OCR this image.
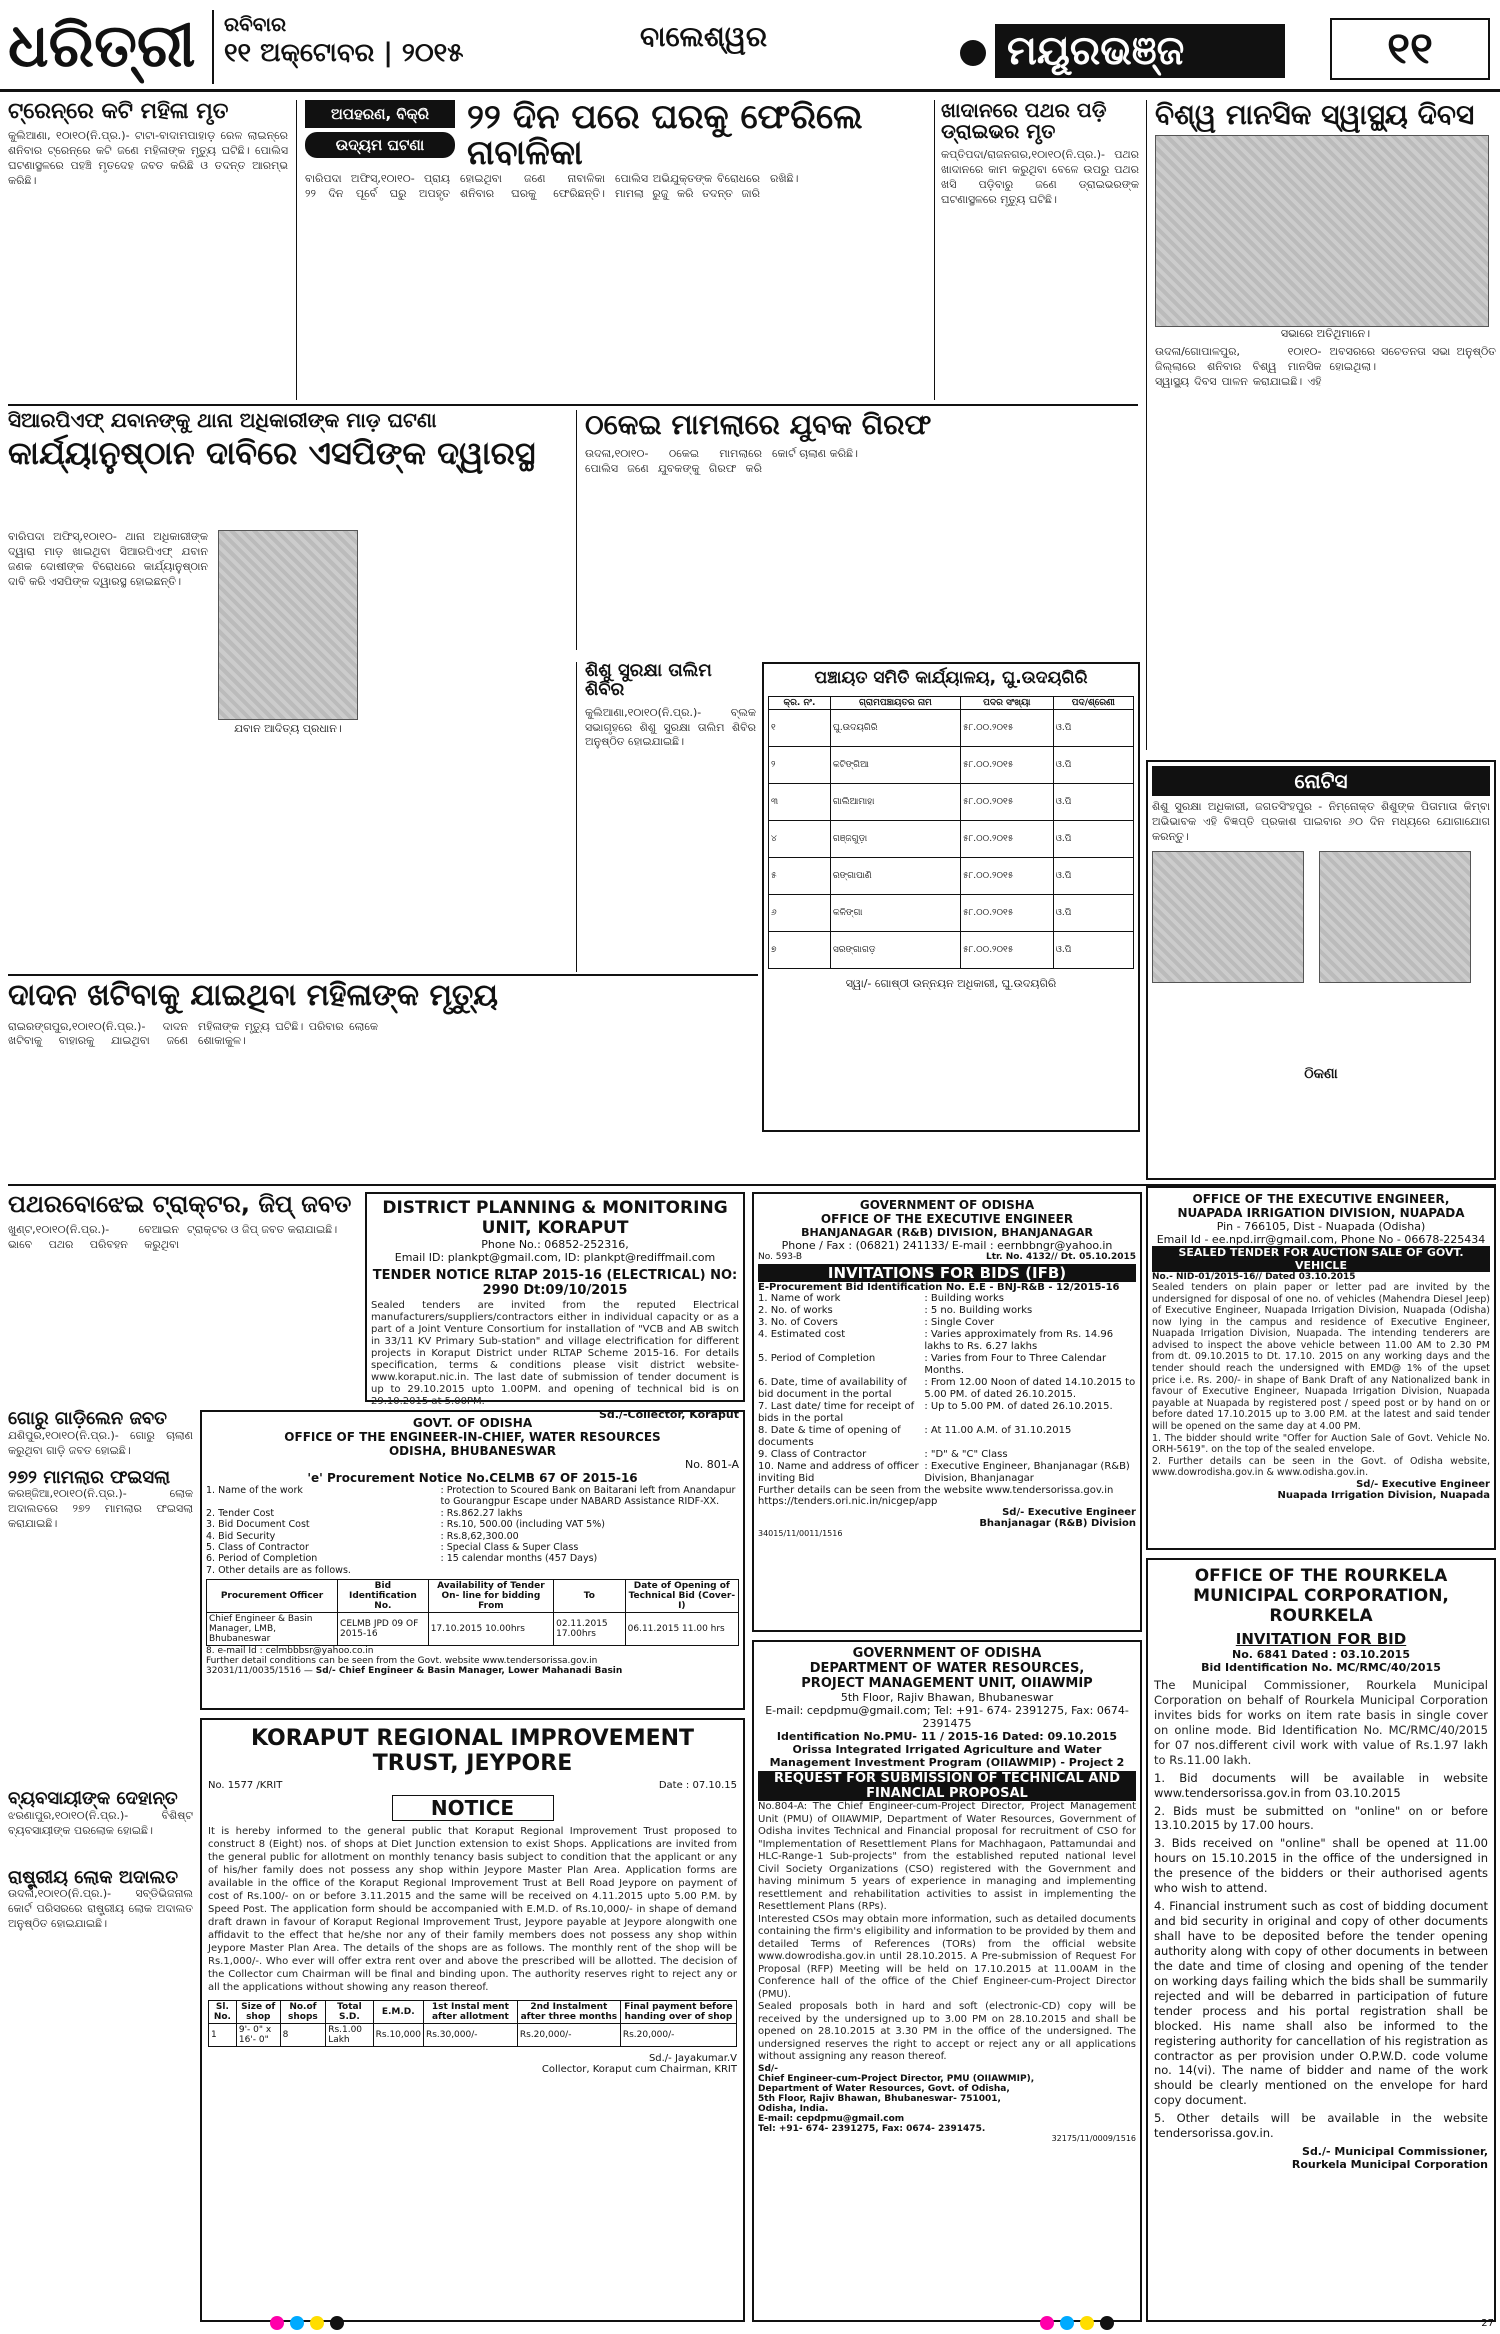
ଧରିତ୍ରୀ	ରବିବାର
୧୧ ଅକ୍ଟୋବର | ୨୦୧୫	ବାଲେଶ୍ୱର	ମୟୂରଭଞ୍ଜ	୧୧
ଟ୍ରେନ୍‌ରେ କଟି ମହିଳା ମୃତ
କୁଲିଆଣା, ୧୦ା୧୦(ନି.ପ୍ର.)- ଟାଟା-ବାଦାମପାହାଡ଼ ରେଳ ଲାଇନ୍‌ରେ ଶନିବାର ଟ୍ରେନ୍‌ରେ କଟି ଜଣେ ମହିଳାଙ୍କ ମୃତ୍ୟୁ ଘଟିଛି। ପୋଲିସ ଘଟଣାସ୍ଥଳରେ ପହଞ୍ଚି ମୃତଦେହ ଜବତ କରିଛି ଓ ତଦନ୍ତ ଆରମ୍ଭ କରିଛି।
ଅପହରଣ, ବିକ୍ରି
ଉଦ୍ୟମ ଘଟଣା
୨୨ ଦିନ ପରେ ଘରକୁ ଫେରିଲେ ନାବାଳିକା
ବାରିପଦା ଅଫିସ୍‌,୧୦ା୧୦- ପ୍ରାୟ ୨୨ ଦିନ ପୂର୍ବେ ଘରୁ ଅପହୃତ ହୋଇଥିବା ଜଣେ ନାବାଳିକା ଶନିବାର ଘରକୁ ଫେରିଛନ୍ତି। ପୋଲିସ ଅଭିଯୁକ୍ତଙ୍କ ବିରୋଧରେ ମାମଲା ରୁଜୁ କରି ତଦନ୍ତ ଜାରି ରଖିଛି।
ଖାଦାନରେ ପଥର ପଡ଼ି ଡ୍ରାଇଭର ମୃତ
କପ୍ତିପଦା/ରାଜନଗର,୧୦ା୧୦(ନି.ପ୍ର.)- ପଥର ଖାଦାନରେ କାମ କରୁଥିବା ବେଳେ ଉପରୁ ପଥର ଖସି ପଡ଼ିବାରୁ ଜଣେ ଡ୍ରାଇଭରଙ୍କ ଘଟଣାସ୍ଥଳରେ ମୃତ୍ୟୁ ଘଟିଛି।
ବିଶ୍ୱ ମାନସିକ ସ୍ୱାସ୍ଥ୍ୟ ଦିବସ
ସଭାରେ ଅତିଥିମାନେ।
ଉଦଳା/ଗୋପାଳପୁର, ୧୦ା୧୦- ଜିଲ୍ଲାରେ ଶନିବାର ବିଶ୍ୱ ମାନସିକ ସ୍ୱାସ୍ଥ୍ୟ ଦିବସ ପାଳନ କରାଯାଇଛି। ଏହି ଅବସରରେ ସଚେତନତା ସଭା ଅନୁଷ୍ଠିତ ହୋଇଥିଲା।
ସିଆରପିଏଫ୍ ଯବାନଙ୍କୁ ଥାନା ଅଧିକାରୀଙ୍କ ମାଡ଼ ଘଟଣା
କାର୍ଯ୍ୟାନୁଷ୍ଠାନ ଦାବିରେ ଏସପିଙ୍କ ଦ୍ୱାରସ୍ଥ
ଯବାନ ଆଦିତ୍ୟ ପ୍ରଧାନ।
ବାରିପଦା ଅଫିସ୍‌,୧୦ା୧୦- ଥାନା ଅଧିକାରୀଙ୍କ ଦ୍ୱାରା ମାଡ଼ ଖାଇଥିବା ସିଆରପିଏଫ୍ ଯବାନ ଜଣକ ଦୋଷୀଙ୍କ ବିରୋଧରେ କାର୍ଯ୍ୟାନୁଷ୍ଠାନ ଦାବି କରି ଏସପିଙ୍କ ଦ୍ୱାରସ୍ଥ ହୋଇଛନ୍ତି।
ଠକେଇ ମାମଲାରେ ଯୁବକ ଗିରଫ
ଉଦଳା,୧୦ା୧୦- ଠକେଇ ମାମଲାରେ ପୋଲିସ ଜଣେ ଯୁବକଙ୍କୁ ଗିରଫ କରି କୋର୍ଟ ଚାଲାଣ କରିଛି।
ଶିଶୁ ସୁରକ୍ଷା ତାଲିମ ଶିବିର
କୁଲିଆଣା,୧୦ା୧୦(ନି.ପ୍ର.)- ବ୍ଲକ ସଭାଗୃହରେ ଶିଶୁ ସୁରକ୍ଷା ତାଲିମ ଶିବିର ଅନୁଷ୍ଠିତ ହୋଇଯାଇଛି।
ପଞ୍ଚାୟତ ସମିତି କାର୍ଯ୍ୟାଳୟ, ଘୁ.ଉଦୟଗିରି
କ୍ର. ନଂ.	ଗ୍ରାମପଞ୍ଚାୟତର ନାମ	ପଦର ସଂଖ୍ୟା	ପଦ/ଶ୍ରେଣୀ
୧	ଘୁ.ଉଦୟଗିରି	୫୮.୦୦.୨୦୧୫	ଓ.ପି
୨	କଟିଙ୍ଗିଆ	୫୮.୦୦.୨୦୧୫	ଓ.ପି
୩	ଗାଲିଆମାହା	୫୮.୦୦.୨୦୧୫	ଓ.ପି
୪	ଗଞ୍ଜଗୁଡ଼ା	୫୮.୦୦.୨୦୧୫	ଓ.ପି
୫	ରଙ୍ଗାପାଣି	୫୮.୦୦.୨୦୧୫	ଓ.ପି
୬	କଳିଙ୍ଗା	୫୮.୦୦.୨୦୧୫	ଓ.ପି
୭	ସରଙ୍ଗାଗଡ଼	୫୮.୦୦.୨୦୧୫	ଓ.ପି
ସ୍ୱା/- ଗୋଷ୍ଠୀ ଉନ୍ନୟନ ଅଧିକାରୀ, ଘୁ.ଉଦୟଗିରି
ନୋଟିସ
ଶିଶୁ ସୁରକ୍ଷା ଅଧିକାରୀ, ଜଗତସିଂହପୁର - ନିମ୍ନୋକ୍ତ ଶିଶୁଙ୍କ ପିତାମାତା କିମ୍ବା ଅଭିଭାବକ ଏହି ବିଜ୍ଞପ୍ତି ପ୍ରକାଶ ପାଇବାର ୬୦ ଦିନ ମଧ୍ୟରେ ଯୋଗାଯୋଗ କରନ୍ତୁ।

ଠିକଣା
ଦାଦନ ଖଟିବାକୁ ଯାଇଥିବା ମହିଳାଙ୍କ ମୃତ୍ୟୁ
ରାଇରଙ୍ଗପୁର,୧୦ା୧୦(ନି.ପ୍ର.)- ଦାଦନ ଖଟିବାକୁ ବାହାରକୁ ଯାଇଥିବା ଜଣେ ମହିଳାଙ୍କ ମୃତ୍ୟୁ ଘଟିଛି। ପରିବାର ଲୋକେ ଶୋକାକୁଳ।
ପଥରବୋଝେଇ ଟ୍ରାକ୍ଟର, ଜିପ୍ ଜବତ
ଖୁଣ୍ଟ,୧୦ା୧୦(ନି.ପ୍ର.)- ବେଆଇନ ଭାବେ ପଥର ପରିବହନ କରୁଥିବା ଟ୍ରାକ୍ଟର ଓ ଜିପ୍ ଜବତ କରାଯାଇଛି।
DISTRICT PLANNING & MONITORING UNIT, KORAPUT
Phone No.: 06852-252316,
Email ID: plankpt@gmail.com, ID: plankpt@rediffmail.com
TENDER NOTICE RLTAP 2015-16 (ELECTRICAL) NO: 2990 Dt:09/10/2015
Sealed tenders are invited from the reputed Electrical manufacturers/suppliers/contractors either in individual capacity or as a part of a Joint Venture Consortium for installation of "VCB and AB switch in 33/11 KV Primary Sub-station" and village electrification for different projects in Koraput District under RLTAP Scheme 2015-16. For details specification, terms & conditions please visit district website-www.koraput.nic.in. The last date of submission of tender document is up to 29.10.2015 upto 1.00PM. and opening of technical bid is on 29.10.2015 at 5.00PM.
Sd./-Collector, Koraput
GOVT. OF ODISHA
OFFICE OF THE ENGINEER-IN-CHIEF, WATER RESOURCES
ODISHA, BHUBANESWAR
No. 801-A
'e' Procurement Notice No.CELMB 67 OF 2015-16
1. Name of the work	: Protection to Scoured Bank on Baitarani left from Anandapur to Gourangpur Escape under NABARD Assistance RIDF-XX.
2. Tender Cost	: Rs.862.27 lakhs
3. Bid Document Cost	: Rs.10, 500.00 (including VAT 5%)
4. Bid Security	: Rs.8,62,300.00
5. Class of Contractor	: Special Class & Super Class
6. Period of Completion	: 15 calendar months (457 Days)
7. Other details are as follows.
Procurement Officer	Bid Identification No.	Availability of Tender On- line for bidding From	To	Date of Opening of Technical Bid (Cover-I)
Chief Engineer & Basin Manager, LMB, Bhubaneswar	CELMB JPD 09 OF 2015-16	17.10.2015 10.00hrs	02.11.2015 17.00hrs	06.11.2015 11.00 hrs
8. e-mail Id : celmbbbsr@yahoo.co.in
Further detail conditions can be seen from the Govt. website www.tendersorissa.gov.in
32031/11/0035/1516 — Sd/- Chief Engineer & Basin Manager, Lower Mahanadi Basin
ଗୋରୁ ଗାଡ଼ିଲେନ ଜବତ
ଯଶିପୁର,୧୦ା୧୦(ନି.ପ୍ର.)- ଗୋରୁ ଚାଲାଣ କରୁଥିବା ଗାଡ଼ି ଜବତ ହୋଇଛି।
୨୭୨ ମାମଲାର ଫଇସଲା
କରଞ୍ଜିଆ,୧୦ା୧୦(ନି.ପ୍ର.)- ଲୋକ ଅଦାଲତରେ ୨୭୨ ମାମଲାର ଫଇସଲା କରାଯାଇଛି।
ବ୍ୟବସାୟୀଙ୍କ ଦେହାନ୍ତ
ଝରଣାପୁର,୧୦ା୧୦(ନି.ପ୍ର.)- ବିଶିଷ୍ଟ ବ୍ୟବସାୟୀଙ୍କ ପରଲୋକ ହୋଇଛି।
ରାଷ୍ଟ୍ରୀୟ ଲୋକ ଅଦାଲତ
ଉଦଳା,୧୦ା୧୦(ନି.ପ୍ର.)- ସବ୍‌ଡିଭିଜନାଲ କୋର୍ଟ ପରିସରରେ ରାଷ୍ଟ୍ରୀୟ ଲୋକ ଅଦାଲତ ଅନୁଷ୍ଠିତ ହୋଇଯାଇଛି।
KORAPUT REGIONAL IMPROVEMENT TRUST, JEYPORE
No. 1577 /KRIT	Date : 07.10.15
NOTICE
It is hereby informed to the general public that Koraput Regional Improvement Trust proposed to construct 8 (Eight) nos. of shops at Diet Junction extension to exist Shops. Applications are invited from the general public for allotment on monthly tenancy basis subject to condition that the applicant or any of his/her family does not possess any shop within Jeypore Master Plan Area. Application forms are available in the office of the Koraput Regional Improvement Trust at Bell Road Jeypore on payment of cost of Rs.100/- on or before 3.11.2015 and the same will be received on 4.11.2015 upto 5.00 P.M. by Speed Post. The application form should be accompanied with E.M.D. of Rs.10,000/- in shape of demand draft drawn in favour of Koraput Regional Improvement Trust, Jeypore payable at Jeypore alongwith one affidavit to the effect that he/she nor any of their family members does not possess any shop within Jeypore Master Plan Area. The details of the shops are as follows. The monthly rent of the shop will be Rs.1,000/-. Who ever will offer extra rent over and above the prescribed will be allotted. The decision of the Collector cum Chairman will be final and binding upon. The authority reserves right to reject any or all the applications without showing any reason thereof.
Sl. No.	Size of shop	No.of shops	Total S.D.	E.M.D.	1st Instal ment after allotment	2nd Instalment after three months	Final payment before handing over of shop
1	9'- 0" x 16'- 0"	8	Rs.1.00 Lakh	Rs.10,000	Rs.30,000/-	Rs.20,000/-	Rs.20,000/-
Sd./- Jayakumar.V
Collector, Koraput cum Chairman, KRIT
GOVERNMENT OF ODISHA
OFFICE OF THE EXECUTIVE ENGINEER
BHANJANAGAR (R&B) DIVISION, BHANJANAGAR
Phone / Fax : (06821) 241133/ E-mail : eernbbngr@yahoo.in
No. 593-B	Ltr. No. 4132// Dt. 05.10.2015
INVITATIONS FOR BIDS (IFB)
E-Procurement Bid Identification No. E.E - BNJ-R&B - 12/2015-16
1. Name of work	: Building works
2. No. of works	: 5 no. Building works
3. No. of Covers	: Single Cover
4. Estimated cost	: Varies approximately from Rs. 14.96 lakhs to Rs. 6.27 lakhs
5. Period of Completion	: Varies from Four to Three Calendar Months.
6. Date, time of availability of bid document in the portal
: From 12.00 Noon of dated 14.10.2015 to 5.00 PM. of dated 26.10.2015.
7. Last date/ time for receipt of bids in the portal
: Up to 5.00 PM. of dated 26.10.2015.
8. Date & time of opening of documents
: At 11.00 A.M. of 31.10.2015
9. Class of Contractor	: "D" & "C" Class
10. Name and address of officer inviting Bid
: Executive Engineer, Bhanjanagar (R&B) Division, Bhanjanagar
Further details can be seen from the website www.tendersorissa.gov.in https://tenders.ori.nic.in/nicgep/app
Sd/- Executive Engineer
Bhanjanagar (R&B) Division
34015/11/0011/1516
GOVERNMENT OF ODISHA
DEPARTMENT OF WATER RESOURCES,
PROJECT MANAGEMENT UNIT, OIIAWMIP
5th Floor, Rajiv Bhawan, Bhubaneswar
E-mail: cepdpmu@gmail.com; Tel: +91- 674- 2391275, Fax: 0674- 2391475
Identification No.PMU- 11 / 2015-16 Dated: 09.10.2015
Orissa Integrated Irrigated Agriculture and Water Management Investment Program (OIIAWMIP) - Project 2
REQUEST FOR SUBMISSION OF TECHNICAL AND FINANCIAL PROPOSAL
No.804-A: The Chief Engineer-cum-Project Director, Project Management Unit (PMU) of OIIAWMIP, Department of Water Resources, Government of Odisha invites Technical and Financial proposal for recruitment of CSO for "Implementation of Resettlement Plans for Machhagaon, Pattamundai and HLC-Range-1 Sub-projects" from the established reputed national level Civil Society Organizations (CSO) registered with the Government and having minimum 5 years of experience in managing and implementing resettlement and rehabilitation activities to assist in implementing the Resettlement Plans (RPs).
Interested CSOs may obtain more information, such as detailed documents containing the firm's eligibility and information to be provided by them and detailed Terms of References (TORs) from the official website www.dowrodisha.gov.in until 28.10.2015. A Pre-submission of Request For Proposal (RFP) Meeting will be held on 17.10.2015 at 11.00AM in the Conference hall of the office of the Chief Engineer-cum-Project Director (PMU).
Sealed proposals both in hard and soft (electronic-CD) copy will be received by the undersigned up to 3.00 PM on 28.10.2015 and shall be opened on 28.10.2015 at 3.30 PM in the office of the undersigned. The undersigned reserves the right to accept or reject any or all applications without assigning any reason thereof.
Sd/-
Chief Engineer-cum-Project Director, PMU (OIIAWMIP),
Department of Water Resources, Govt. of Odisha,
5th Floor, Rajiv Bhawan, Bhubaneswar- 751001,
Odisha, India.
E-mail: cepdpmu@gmail.com
Tel: +91- 674- 2391275, Fax: 0674- 2391475.
32175/11/0009/1516
OFFICE OF THE EXECUTIVE ENGINEER,
NUAPADA IRRIGATION DIVISION, NUAPADA
Pin - 766105, Dist - Nuapada (Odisha)
Email Id - ee.npd.irr@gmail.com, Phone No - 06678-225434
SEALED TENDER FOR AUCTION SALE OF GOVT. VEHICLE
No.- NID-01/2015-16// Dated 03.10.2015
Sealed tenders on plain paper or letter pad are invited by the undersigned for disposal of one no. of vehicles (Mahendra Diesel Jeep) of Executive Engineer, Nuapada Irrigation Division, Nuapada (Odisha) now lying in the campus and residence of Executive Engineer, Nuapada Irrigation Division, Nuapada. The intending tenderers are advised to inspect the above vehicle between 11.00 AM to 2.30 PM from dt. 09.10.2015 to Dt. 17.10. 2015 on any working days and the tender should reach the undersigned with EMD@ 1% of the upset price i.e. Rs. 200/- in shape of Bank Draft of any Nationalized bank in favour of Executive Engineer, Nuapada Irrigation Division, Nuapada payable at Nuapada by registered post / speed post or by hand on or before dated 17.10.2015 up to 3.00 P.M. at the latest and said tender will be opened on the same day at 4.00 PM.
1. The bidder should write "Offer for Auction Sale of Govt. Vehicle No. ORH-5619". on the top of the sealed envelope.
2. Further details can be seen in the Govt. of Odisha website, www.dowrodisha.gov.in & www.odisha.gov.in.
Sd/- Executive Engineer
Nuapada Irrigation Division, Nuapada
OFFICE OF THE ROURKELA MUNICIPAL CORPORATION, ROURKELA
INVITATION FOR BID
No. 6841 Dated : 03.10.2015
Bid Identification No. MC/RMC/40/2015
The Municipal Commissioner, Rourkela Municipal Corporation on behalf of Rourkela Municipal Corporation invites bids for works on item rate basis in single cover on online mode. Bid Identification No. MC/RMC/40/2015 for 07 nos.different civil work with value of Rs.1.97 lakh to Rs.11.00 lakh.
1. Bid documents will be available in website www.tendersorissa.gov.in from 03.10.2015
2. Bids must be submitted on "online" on or before 13.10.2015 by 17.00 hours.
3. Bids received on "online" shall be opened at 11.00 hours on 15.10.2015 in the office of the undersigned in the presence of the bidders or their authorised agents who wish to attend.
4. Financial instrument such as cost of bidding document and bid security in original and copy of other documents shall have to be deposited before the tender opening authority along with copy of other documents in between the date and time of closing and opening of the tender on working days failing which the bids shall be summarily rejected and will be debarred in participation of future tender process and his portal registration shall be blocked. His name shall also be informed to the registering authority for cancellation of his registration as contractor as per provision under O.P.W.D. code volume no. 14(vi). The name of bidder and name of the work should be clearly mentioned on the envelope for hard copy document.
5. Other details will be available in the website tendersorissa.gov.in.
Sd./- Municipal Commissioner,
Rourkela Municipal Corporation
27
